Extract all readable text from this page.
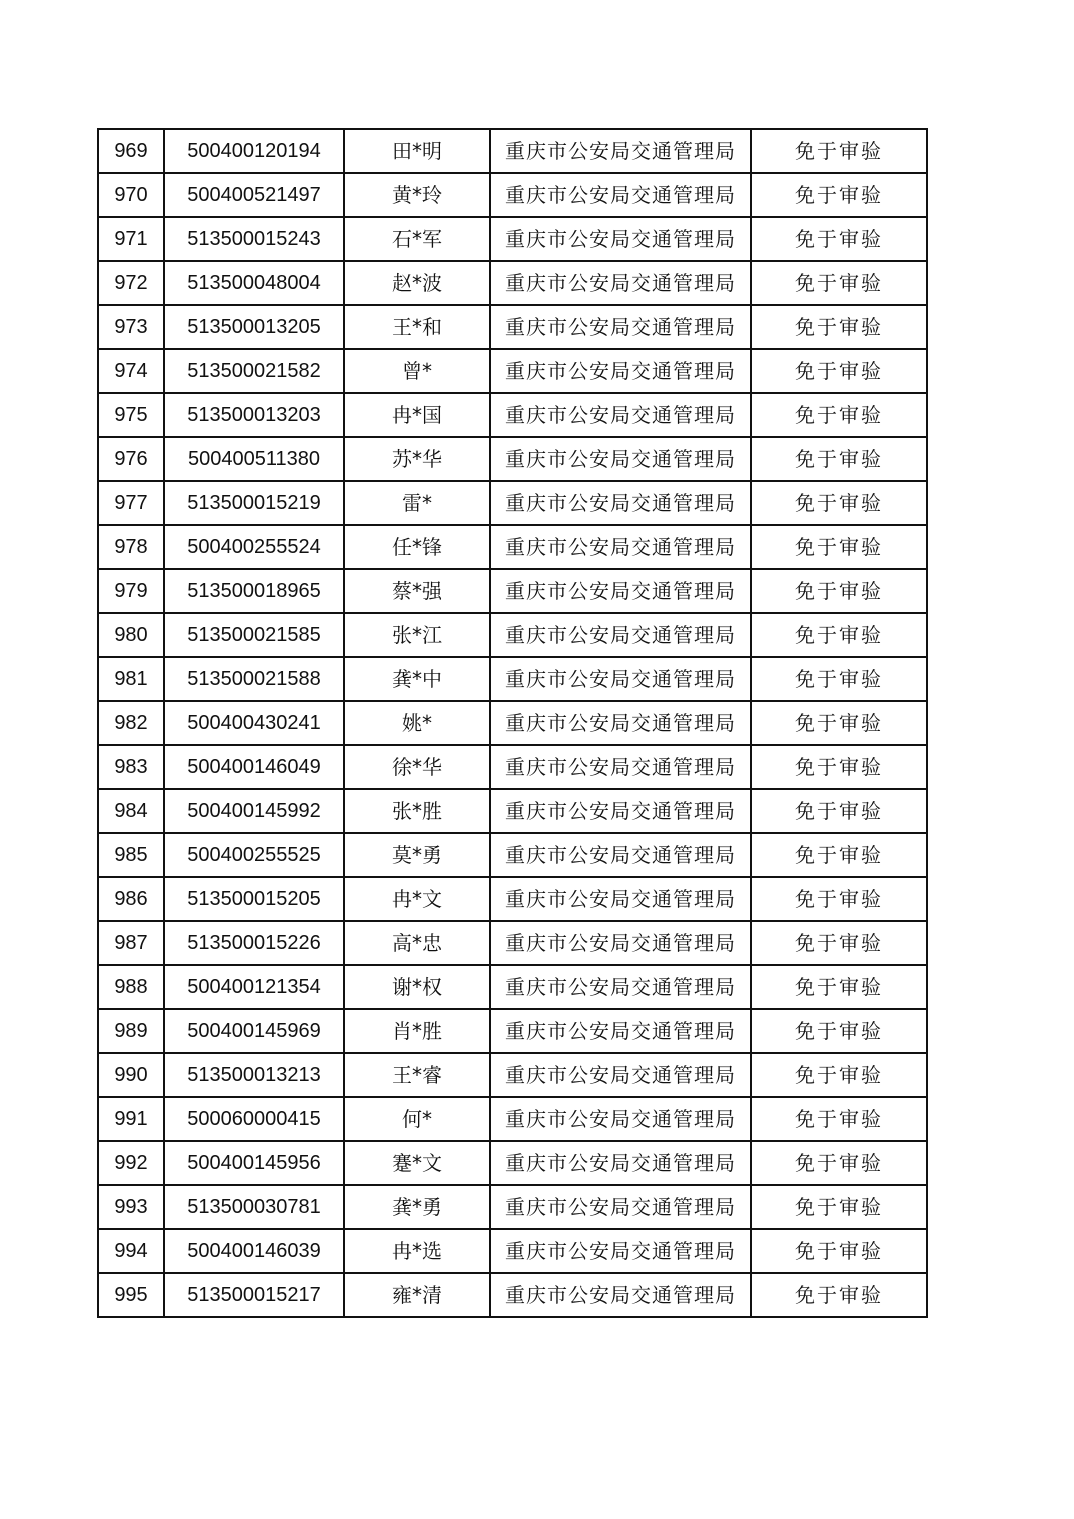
969	500400120194	田*明	重庆市公安局交通管理局	免于审验
970	500400521497	黄*玲	重庆市公安局交通管理局	免于审验
971	513500015243	石*军	重庆市公安局交通管理局	免于审验
972	513500048004	赵*波	重庆市公安局交通管理局	免于审验
973	513500013205	王*和	重庆市公安局交通管理局	免于审验
974	513500021582	曾*	重庆市公安局交通管理局	免于审验
975	513500013203	冉*国	重庆市公安局交通管理局	免于审验
976	500400511380	苏*华	重庆市公安局交通管理局	免于审验
977	513500015219	雷*	重庆市公安局交通管理局	免于审验
978	500400255524	任*锋	重庆市公安局交通管理局	免于审验
979	513500018965	蔡*强	重庆市公安局交通管理局	免于审验
980	513500021585	张*江	重庆市公安局交通管理局	免于审验
981	513500021588	龚*中	重庆市公安局交通管理局	免于审验
982	500400430241	姚*	重庆市公安局交通管理局	免于审验
983	500400146049	徐*华	重庆市公安局交通管理局	免于审验
984	500400145992	张*胜	重庆市公安局交通管理局	免于审验
985	500400255525	莫*勇	重庆市公安局交通管理局	免于审验
986	513500015205	冉*文	重庆市公安局交通管理局	免于审验
987	513500015226	高*忠	重庆市公安局交通管理局	免于审验
988	500400121354	谢*权	重庆市公安局交通管理局	免于审验
989	500400145969	肖*胜	重庆市公安局交通管理局	免于审验
990	513500013213	王*睿	重庆市公安局交通管理局	免于审验
991	500060000415	何*	重庆市公安局交通管理局	免于审验
992	500400145956	蹇*文	重庆市公安局交通管理局	免于审验
993	513500030781	龚*勇	重庆市公安局交通管理局	免于审验
994	500400146039	冉*选	重庆市公安局交通管理局	免于审验
995	513500015217	雍*清	重庆市公安局交通管理局	免于审验
